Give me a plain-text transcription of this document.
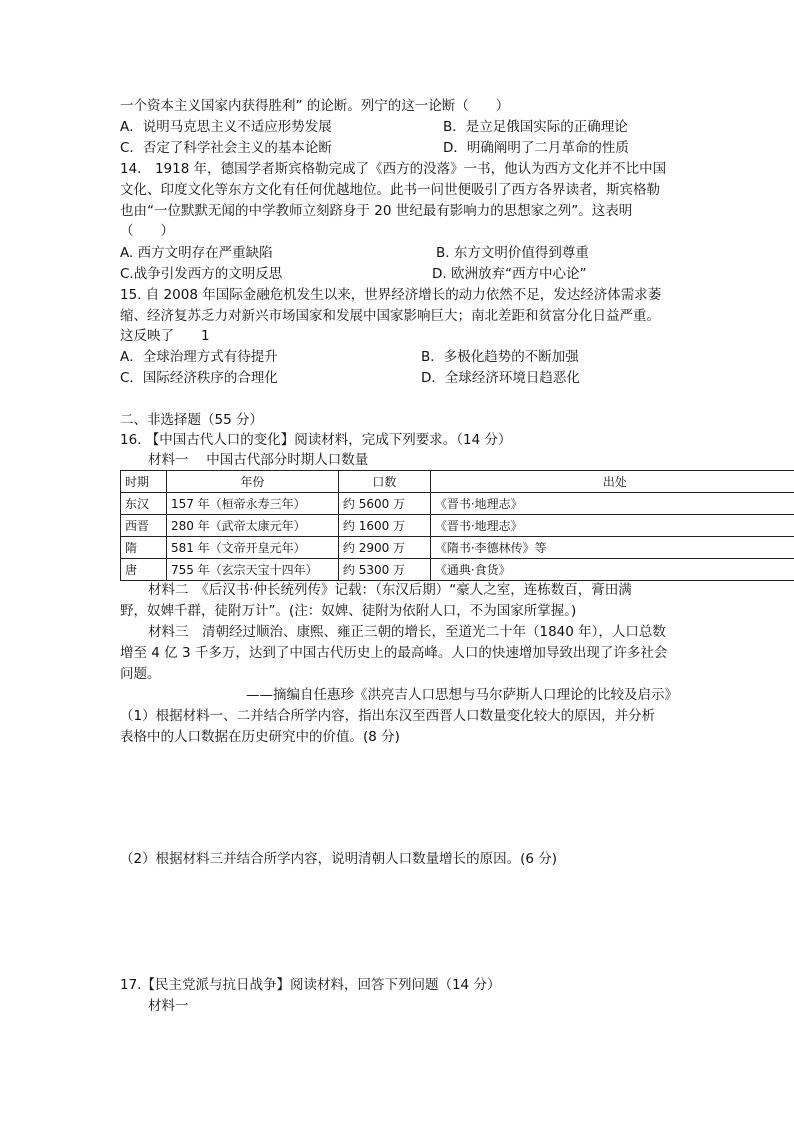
一个资本主义国家内获得胜利” 的论断。列宁的这一论断（　　）
A．说明马克思主义不适应形势发展	B．是立足俄国实际的正确理论
C．否定了科学社会主义的基本论断	D．明确阐明了二月革命的性质
14.　1918 年，德国学者斯宾格勒完成了《西方的没落》一书，他认为西方文化并不比中国
文化、印度文化等东方文化有任何优越地位。此书一问世便吸引了西方各界读者，斯宾格勒
也由“一位默默无闻的中学教师立刻跻身于 20 世纪最有影响力的思想家之列”。这表明
（　　）
A. 西方文明存在严重缺陷	B. 东方文明价值得到尊重
C.战争引发西方的文明反思	D. 欧洲放弃“西方中心论”
15. 自 2008 年国际金融危机发生以来，世界经济增长的动力依然不足，发达经济体需求萎
缩、经济复苏乏力对新兴市场国家和发展中国家影响巨大；南北差距和贫富分化日益严重。
这反映了　　1
A．全球治理方式有待提升	B．多极化趋势的不断加强
C．国际经济秩序的合理化	D．全球经济环境日趋恶化
二、非选择题（55 分）
16. 【中国古代人口的变化】阅读材料，完成下列要求。（14 分）
材料一　 中国古代部分时期人口数量
时期	年份	口数	出处
东汉	157 年（桓帝永寿三年）	约 5600 万	《晋书·地理志》
西晋	280 年（武帝太康元年）	约 1600 万	《晋书·地理志》
隋	581 年（文帝开皇元年）	约 2900 万	《隋书·李德林传》等
唐	755 年（玄宗天宝十四年）	约 5300 万	《通典·食货》
材料二　《后汉书·仲长统列传》记载：（东汉后期）“豪人之室，连栋数百，膏田满
野，奴婢千群，徒附万计”。(注：奴婢、徒附为依附人口，不为国家所掌握。)
材料三　清朝经过顺治、康熙、雍正三朝的增长，至道光二十年（1840 年），人口总数
增至 4 亿 3 千多万，达到了中国古代历史上的最高峰。人口的快速增加导致出现了许多社会
问题。
——摘编自任惠珍《洪亮吉人口思想与马尔萨斯人口理论的比较及启示》
（1）根据材料一、二并结合所学内容，指出东汉至西晋人口数量变化较大的原因，并分析
表格中的人口数据在历史研究中的价值。(8 分)
（2）根据材料三并结合所学内容，说明清朝人口数量增长的原因。(6 分)
17.【民主党派与抗日战争】阅读材料，回答下列问题（14 分）
材料一
